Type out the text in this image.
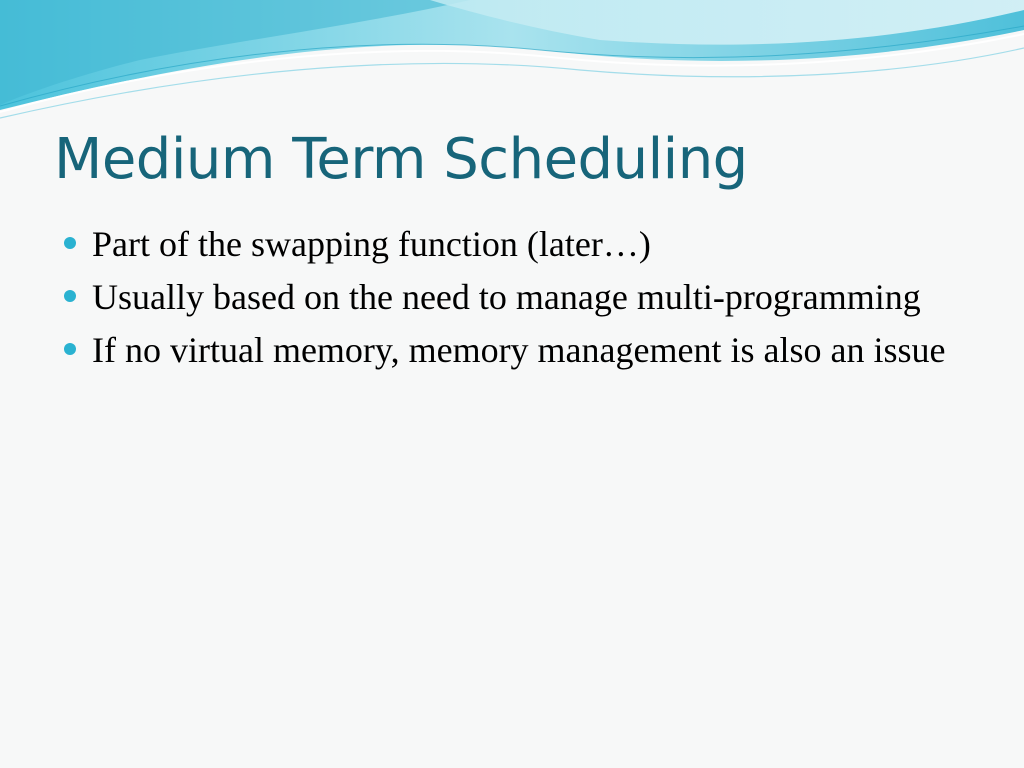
Medium Term Scheduling
Part of the swapping function (later…)
Usually based on the need to manage multi-programming
If no virtual memory, memory management is also an issue
